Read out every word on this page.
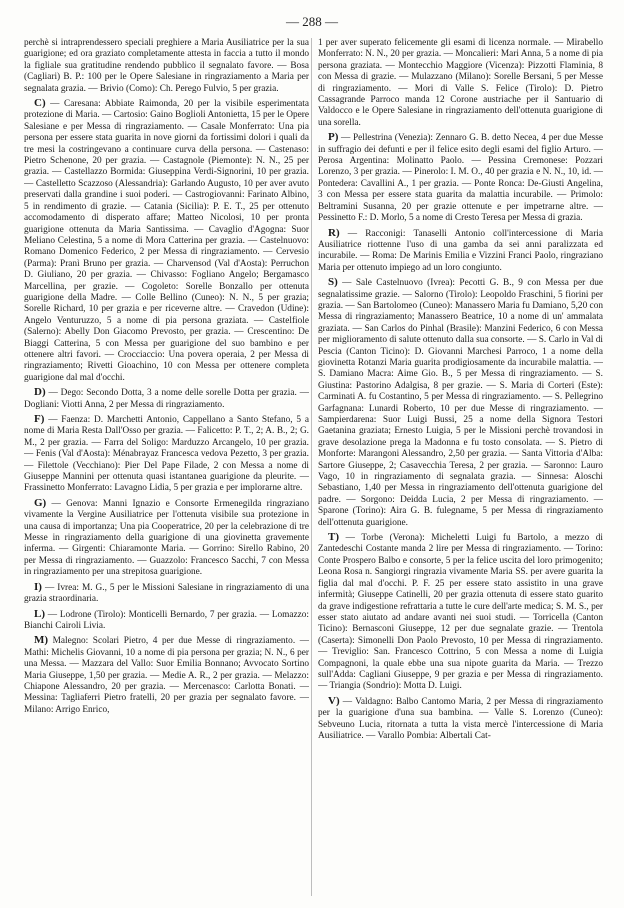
— 288 —

perchè si intraprendessero speciali preghiere a Maria Ausiliatrice per la sua guarigione; ed ora graziato completamente attesta in faccia a tutto il mondo la figliale sua gratitudine rendendo pubblico il segnalato favore. — Bosa (Cagliari) B. P.: 100 per le Opere Salesiane in ringraziamento a Maria per segnalata grazia. — Brivio (Como): Ch. Perego Fulvio, 5 per grazia.

C) — Caresana: Abbiate Raimonda, 20 per la visibile esperimentata protezione di Maria. — Cartosio: Gaino Boglioli Antonietta, 15 per le Opere Salesiane e per Messa di ringraziamento. — Casale Monferrato: Una pia persona per essere stata guarita in nove giorni da fortissimi dolori i quali da tre mesi la costringevano a continuare curva della persona. — Castenaso: Pietro Schenone, 20 per grazia. — Castagnole (Piemonte): N. N., 25 per grazia. — Castellazzo Bormida: Giuseppina Verdi-Signorini, 10 per grazia. — Castelletto Scazzoso (Alessandria): Garlando Augusto, 10 per aver avuto preservati dalla grandine i suoi poderi. — Castrogiovanni: Farinato Albino, 5 in rendimento di grazie. — Catania (Sicilia): P. E. T., 25 per ottenuto accomodamento di disperato affare; Matteo Nicolosi, 10 per pronta guarigione ottenuta da Maria Santissima. — Cavaglio d'Agogna: Suor Meliano Celestina, 5 a nome di Mora Catterina per grazia. — Castelnuovo: Romano Domenico Federico, 2 per Messa di ringraziamento. — Cervesio (Parma): Pranì Bruno per grazia. — Charvensod (Val d'Aosta): Perruchon D. Giuliano, 20 per grazia. — Chivasso: Fogliano Angelo; Bergamasco Marcellina, per grazie. — Cogoleto: Sorelle Bonzallo per ottenuta guarigione della Madre. — Colle Bellino (Cuneo): N. N., 5 per grazia; Sorelle Richard, 10 per grazia e per riceverne altre. — Cravedon (Udine): Angelo Venturuzzo, 5 a nome di pia persona graziata. — Castelfiole (Salerno): Abelly Don Giacomo Prevosto, per grazia. — Crescentino: De Biaggi Catterina, 5 con Messa per guarigione del suo bambino e per ottenere altri favori. — Crocciaccio: Una povera operaia, 2 per Messa di ringraziamento; Rivetti Gioachino, 10 con Messa per ottenere completa guarigione dal mal d'occhi.

D) — Dego: Secondo Dotta, 3 a nome delle sorelle Dotta per grazia. — Dogliani: Viotti Anna, 2 per Messa di ringraziamento.

F) — Faenza: D. Marchetti Antonio, Cappellano a Santo Stefano, 5 a nome di Maria Resta Dall'Osso per grazia. — Falicetto: P. T., 2; A. B., 2; G. M., 2 per grazia. — Farra del Soligo: Marduzzo Arcangelo, 10 per grazia. — Fenis (Val d'Aosta): Ménabrayaz Francesca vedova Pezetto, 3 per grazia. — Filettole (Vecchiano): Pier Del Pape Filade, 2 con Messa a nome di Giuseppe Mannini per ottenuta quasi istantanea guarigione da pleurite. — Frassinetto Monferrato: Lavagno Lidia, 5 per grazia e per implorarne altre.

G) — Genova: Manni Ignazio e Consorte Ermenegilda ringraziano vivamente la Vergine Ausiliatrice per l'ottenuta visibile sua protezione in una causa di importanza; Una pia Cooperatrice, 20 per la celebrazione di tre Messe in ringraziamento della guarigione di una giovinetta gravemente inferma. — Girgenti: Chiaramonte Maria. — Gorrino: Sirello Rabino, 20 per Messa di ringraziamento. — Guazzolo: Francesco Sacchi, 7 con Messa in ringraziamento per una strepitosa guarigione.

I) — Ivrea: M. G., 5 per le Missioni Salesiane in ringraziamento di una grazia straordinaria.

L) — Lodrone (Tirolo): Monticelli Bernardo, 7 per grazia. — Lomazzo: Bianchi Cairoli Livia.

M) Malegno: Scolari Pietro, 4 per due Messe di ringraziamento. — Mathi: Michelis Giovanni, 10 a nome di pia persona per grazia; N. N., 6 per una Messa. — Mazzara del Vallo: Suor Emilia Bonnano; Avvocato Sortino Maria Giuseppe, 1,50 per grazia. — Medie A. R., 2 per grazia. — Melazzo: Chiapone Alessandro, 20 per grazia. — Mercenasco: Carlotta Bonati. — Messina: Tagliaferri Pietro fratelli, 20 per grazia per segnalato favore. — Milano: Arrigo Enrico,

1 per aver superato felicemente gli esami di licenza normale. — Mirabello Monferrato: N. N., 20 per grazia. — Moncalieri: Mari Anna, 5 a nome di pia persona graziata. — Montecchio Maggiore (Vicenza): Pizzotti Flaminia, 8 con Messa di grazie. — Mulazzano (Milano): Sorelle Bersani, 5 per Messe di ringraziamento. — Mori di Valle S. Felice (Tirolo): D. Pietro Cassagrande Parroco manda 12 Corone austriache per il Santuario di Valdocco e le Opere Salesiane in ringraziamento dell'ottenuta guarigione di una sorella.

P) — Pellestrina (Venezia): Zennaro G. B. detto Necea, 4 per due Messe in suffragio dei defunti e per il felice esito degli esami del figlio Arturo. — Perosa Argentina: Molinatto Paolo. — Pessina Cremonese: Pozzari Lorenzo, 3 per grazia. — Pinerolo: I. M. O., 40 per grazia e N. N., 10, id. — Pontedera: Cavallini A., 1 per grazia. — Ponte Ronca: De-Giusti Angelina, 3 con Messa per essere stata guarita da malattia incurabile. — Primolo: Beltramini Susanna, 20 per grazie ottenute e per impetrarne altre. — Pessinetto F.: D. Morlo, 5 a nome di Cresto Teresa per Messa di grazia.

R) — Racconigi: Tanaselli Antonio coll'intercessione di Maria Ausiliatrice riottenne l'uso di una gamba da sei anni paralizzata ed incurabile. — Roma: De Marinis Emilia e Vizzini Franci Paolo, ringraziano Maria per ottenuto impiego ad un loro congiunto.

S) — Sale Castelnuovo (Ivrea): Pecotti G. B., 9 con Messa per due segnalatissime grazie. — Salorno (Tirolo): Leopoldo Fraschini, 5 fiorini per grazia. — San Bartolomeo (Cuneo): Manassero Maria fu Damiano, 5,20 con Messa di ringraziamento; Manassero Beatrice, 10 a nome di un' ammalata graziata. — San Carlos do Pinhal (Brasile): Manzini Federico, 6 con Messa per miglioramento di salute ottenuto dalla sua consorte. — S. Carlo in Val di Pescia (Canton Ticino): D. Giovanni Marchesi Parroco, 1 a nome della giovinetta Rotanzi Maria guarita prodigiosamente da incurabile malattia. — S. Damiano Macra: Aime Gio. B., 5 per Messa di ringraziamento. — S. Giustina: Pastorino Adalgisa, 8 per grazie. — S. Maria di Corteri (Este): Carminati A. fu Costantino, 5 per Messa di ringraziamento. — S. Pellegrino Garfagnana: Lunardi Roberto, 10 per due Messe di ringraziamento. — Sampierdarena: Suor Luigi Bussi, 25 a nome della Signora Testori Gaetanina graziata; Ernesto Luigia, 5 per le Missioni perchè trovandosi in grave desolazione prega la Madonna e fu tosto consolata. — S. Pietro di Monforte: Marangoni Alessandro, 2,50 per grazia. — Santa Vittoria d'Alba: Sartore Giuseppe, 2; Casavecchia Teresa, 2 per grazia. — Saronno: Lauro Vago, 10 in ringraziamento di segnalata grazia. — Sinnesa: Aloschi Sebastiano, 1,40 per Messa in ringraziamento dell'ottenuta guarigione del padre. — Sorgono: Deidda Lucia, 2 per Messa di ringraziamento. — Sparone (Torino): Aira G. B. fulegname, 5 per Messa di ringraziamento dell'ottenuta guarigione.

T) — Torbe (Verona): Micheletti Luigi fu Bartolo, a mezzo di Zantedeschi Costante manda 2 lire per Messa di ringraziamento. — Torino: Conte Prospero Balbo e consorte, 5 per la felice uscita del loro primogenito; Leona Rosa n. Sangiorgi ringrazia vivamente Maria SS. per avere guarita la figlia dal mal d'occhi. P. F. 25 per essere stato assistito in una grave infermità; Giuseppe Catinelli, 20 per grazia ottenuta di essere stato guarito da grave indigestione refrattaria a tutte le cure dell'arte medica; S. M. S., per esser stato aiutato ad andare avanti nei suoi studi. — Torricella (Canton Ticino): Bernasconi Giuseppe, 12 per due segnalate grazie. — Trentola (Caserta): Simonelli Don Paolo Prevosto, 10 per Messa di ringraziamento. — Treviglio: San. Francesco Cottrino, 5 con Messa a nome di Luigia Compagnoni, la quale ebbe una sua nipote guarita da Maria. — Trezzo sull'Adda: Cagliani Giuseppe, 9 per grazia e per Messa di ringraziamento. — Triangia (Sondrio): Motta D. Luigi.

V) — Valdagno: Balbo Cantomo Maria, 2 per Messa di ringraziamento per la guarigione d'una sua bambina. — Valle S. Lorenzo (Cuneo): Sebveuno Lucia, ritornata a tutta la vista mercè l'intercessione di Maria Ausiliatrice. — Varallo Pombia: Albertali Cat-
